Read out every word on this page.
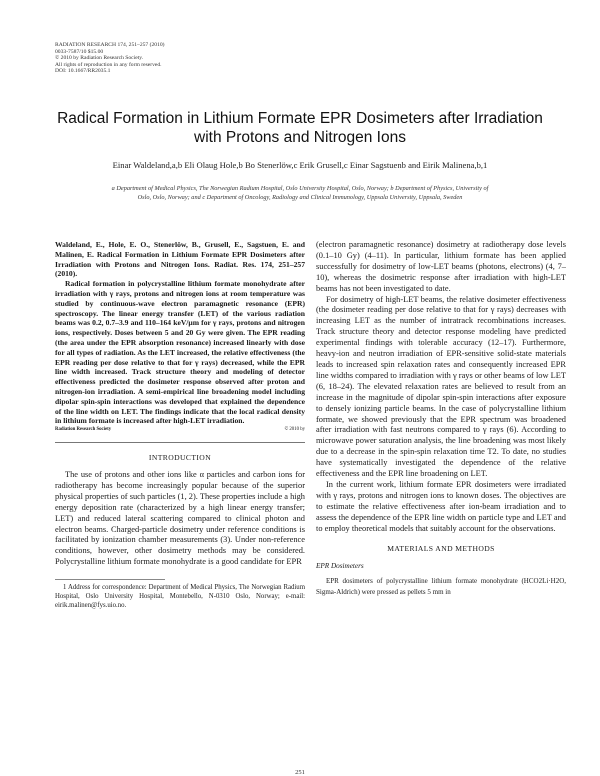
RADIATION RESEARCH 174, 251–257 (2010)
0033-7587/10 $15.00
© 2010 by Radiation Research Society.
All rights of reproduction in any form reserved.
DOI: 10.1667/RR2035.1
Radical Formation in Lithium Formate EPR Dosimeters after Irradiation
with Protons and Nitrogen Ions
Einar Waldeland,a,b Eli Olaug Hole,b Bo Stenerlöw,c Erik Grusell,c Einar Sagstuenb and Eirik Malinena,b,1
a Department of Medical Physics, The Norwegian Radium Hospital, Oslo University Hospital, Oslo, Norway; b Department of Physics, University of
Oslo, Oslo, Norway; and c Department of Oncology, Radiology and Clinical Immunology, Uppsala University, Uppsala, Sweden

Waldeland, E., Hole, E. O., Stenerlöw, B., Grusell, E., Sagstuen, E. and Malinen, E. Radical Formation in Lithium Formate EPR Dosimeters after Irradiation with Protons and Nitrogen Ions. Radiat. Res. 174, 251–257 (2010).

Radical formation in polycrystalline lithium formate monohydrate after irradiation with γ rays, protons and nitrogen ions at room temperature was studied by continuous-wave electron paramagnetic resonance (EPR) spectroscopy. The linear energy transfer (LET) of the various radiation beams was 0.2, 0.7–3.9 and 110–164 keV/μm for γ rays, protons and nitrogen ions, respectively. Doses between 5 and 20 Gy were given. The EPR reading (the area under the EPR absorption resonance) increased linearly with dose for all types of radiation. As the LET increased, the relative effectiveness (the EPR reading per dose relative to that for γ rays) decreased, while the EPR line width increased. Track structure theory and modeling of detector effectiveness predicted the dosimeter response observed after proton and nitrogen-ion irradiation. A semi-empirical line broadening model including dipolar spin-spin interactions was developed that explained the dependence of the line width on LET. The findings indicate that the local radical density in lithium formate is increased after high-LET irradiation.

© 2010 by
Radiation Research Society
INTRODUCTION

The use of protons and other ions like α particles and carbon ions for radiotherapy has become increasingly popular because of the superior physical properties of such particles (1, 2). These properties include a high energy deposition rate (characterized by a high linear energy transfer; LET) and reduced lateral scattering compared to clinical photon and electron beams. Charged-particle dosimetry under reference conditions is facilitated by ionization chamber measurements (3). Under non-reference conditions, however, other dosimetry methods may be considered. Polycrystalline lithium formate monohydrate is a good candidate for EPR

1 Address for correspondence: Department of Medical Physics, The Norwegian Radium Hospital, Oslo University Hospital, Montebello, N-0310 Oslo, Norway; e-mail: eirik.malinen@fys.uio.no.

(electron paramagnetic resonance) dosimetry at radiotherapy dose levels (0.1–10 Gy) (4–11). In particular, lithium formate has been applied successfully for dosimetry of low-LET beams (photons, electrons) (4, 7–10), whereas the dosimetric response after irradiation with high-LET beams has not been investigated to date.

For dosimetry of high-LET beams, the relative dosimeter effectiveness (the dosimeter reading per dose relative to that for γ rays) decreases with increasing LET as the number of intratrack recombinations increases. Track structure theory and detector response modeling have predicted experimental findings with tolerable accuracy (12–17). Furthermore, heavy-ion and neutron irradiation of EPR-sensitive solid-state materials leads to increased spin relaxation rates and consequently increased EPR line widths compared to irradiation with γ rays or other beams of low LET (6, 18–24). The elevated relaxation rates are believed to result from an increase in the magnitude of dipolar spin-spin interactions after exposure to densely ionizing particle beams. In the case of polycrystalline lithium formate, we showed previously that the EPR spectrum was broadened after irradiation with fast neutrons compared to γ rays (6). According to microwave power saturation analysis, the line broadening was most likely due to a decrease in the spin-spin relaxation time T2. To date, no studies have systematically investigated the dependence of the relative effectiveness and the EPR line broadening on LET.

In the current work, lithium formate EPR dosimeters were irradiated with γ rays, protons and nitrogen ions to known doses. The objectives are to estimate the relative effectiveness after ion-beam irradiation and to assess the dependence of the EPR line width on particle type and LET and to employ theoretical models that suitably account for the observations.

MATERIALS AND METHODS
EPR Dosimeters

EPR dosimeters of polycrystalline lithium formate monohydrate (HCO2Li·H2O, Sigma-Aldrich) were pressed as pellets 5 mm in

251
